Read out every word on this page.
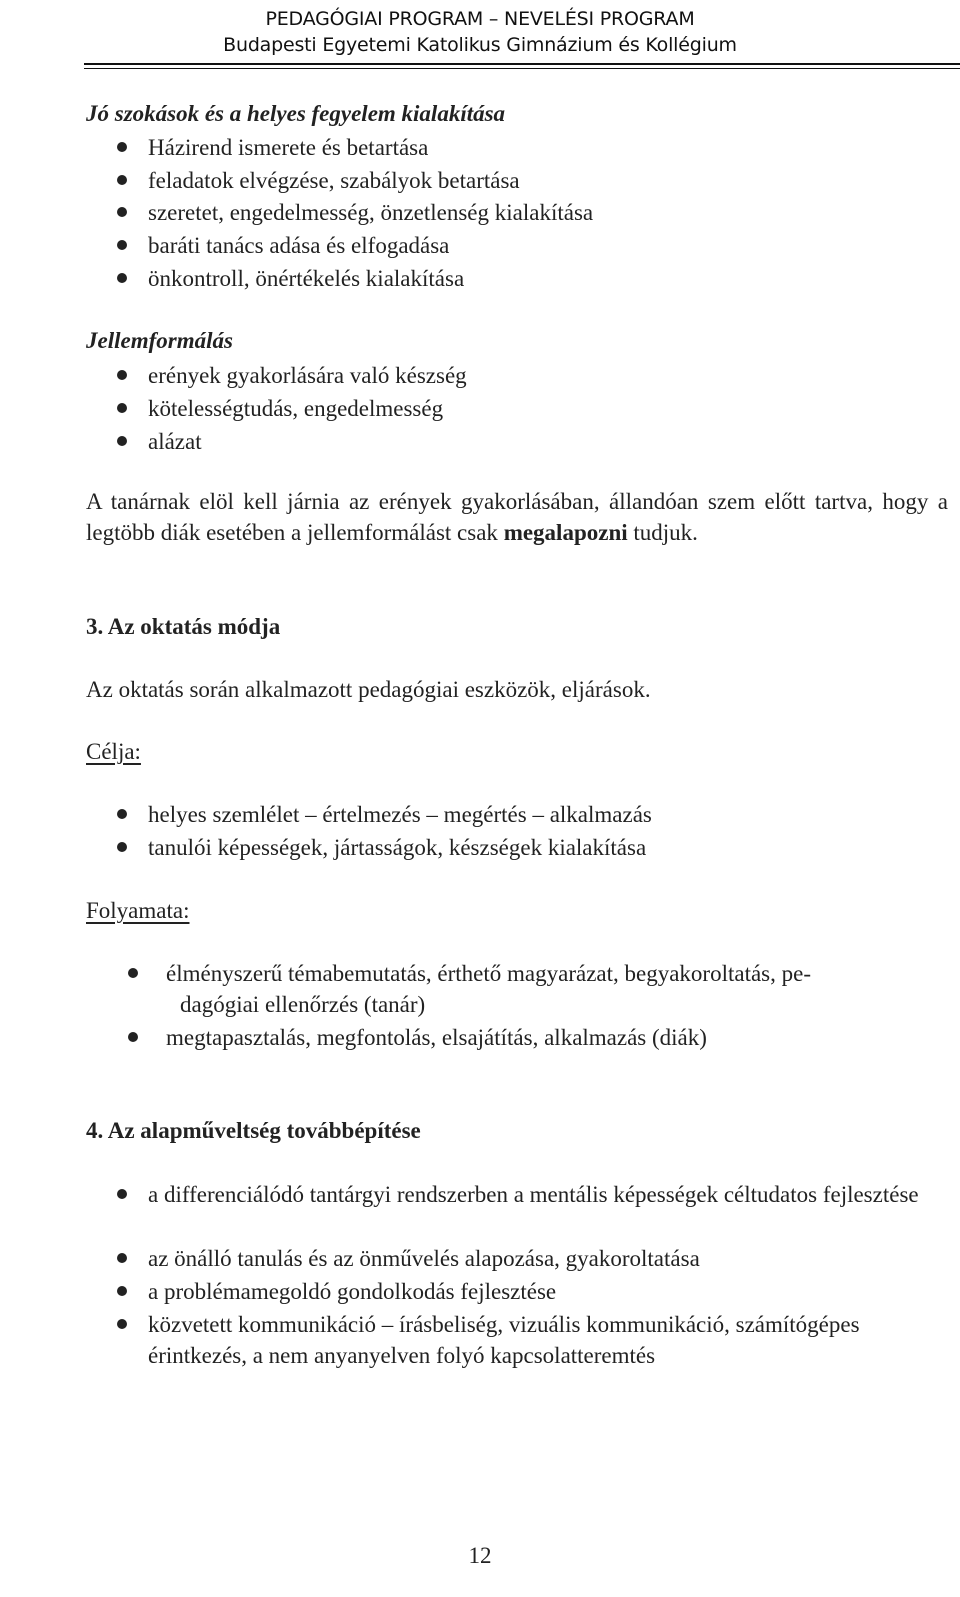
PEDAGÓGIAI PROGRAM – NEVELÉSI PROGRAM
Budapesti Egyetemi Katolikus Gimnázium és Kollégium
Jó szokások és a helyes fegyelem kialakítása
Házirend ismerete és betartása
feladatok elvégzése, szabályok betartása
szeretet, engedelmesség, önzetlenség kialakítása
baráti tanács adása és elfogadása
önkontroll, önértékelés kialakítása
Jellemformálás
erények gyakorlására való készség
kötelességtudás, engedelmesség
alázat
A tanárnak elöl kell járnia az erények gyakorlásában, állandóan szem előtt tartva, hogy a legtöbb diák esetében a jellemformálást csak megalapozni tudjuk.
3. Az oktatás módja
Az oktatás során alkalmazott pedagógiai eszközök, eljárások.
Célja:
helyes szemlélet – értelmezés – megértés – alkalmazás
tanulói képességek, jártasságok, készségek kialakítása
Folyamata:
élményszerű témabemutatás, érthető magyarázat, begyakoroltatás, pe-
dagógiai ellenőrzés (tanár)
megtapasztalás, megfontolás, elsajátítás, alkalmazás (diák)
4. Az alapműveltség továbbépítése
a differenciálódó tantárgyi rendszerben a mentális képességek céltudatos fejlesztése
az önálló tanulás és az önművelés alapozása, gyakoroltatása
a problémamegoldó gondolkodás fejlesztése
közvetett kommunikáció – írásbeliség, vizuális kommunikáció, számítógépes érintkezés, a nem anyanyelven folyó kapcsolatteremtés
12
